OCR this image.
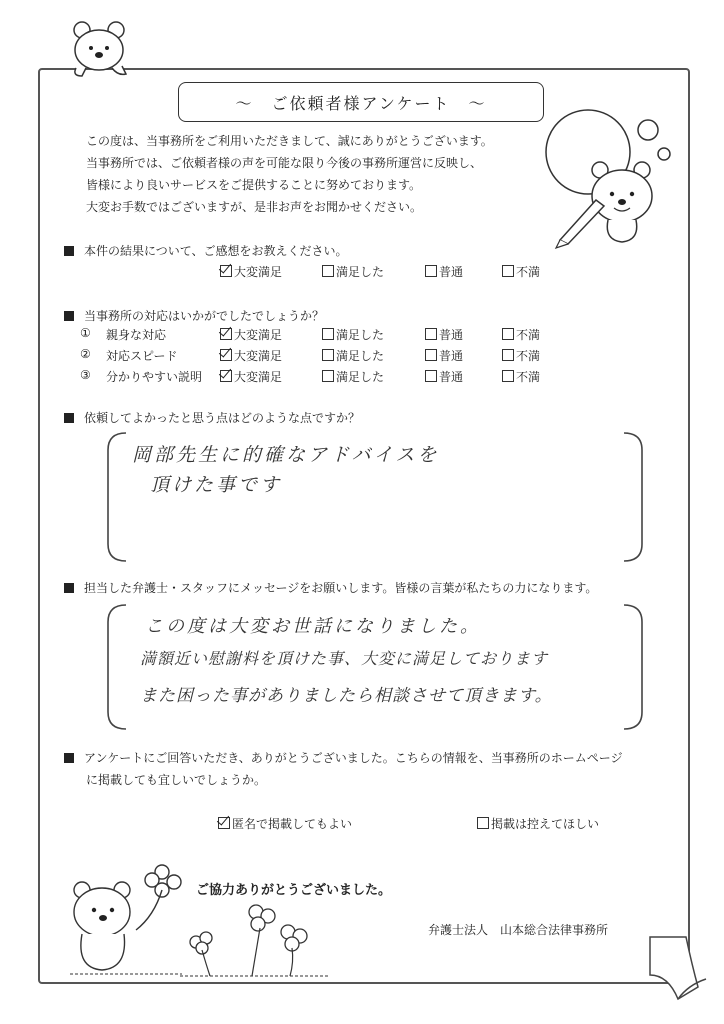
～　ご依頼者様アンケート　～
この度は、当事務所をご利用いただきまして、誠にありがとうございます。
当事務所では、ご依頼者様の声を可能な限り今後の事務所運営に反映し、
皆様により良いサービスをご提供することに努めております。
大変お手数ではございますが、是非お声をお聞かせください。
本件の結果について、ご感想をお教えください。
大変満足	満足した	普通	不満
当事務所の対応はいかがでしたでしょうか？
① 親身な対応	大変満足	満足した	普通	不満
② 対応スピード	大変満足	満足した	普通	不満
③ 分かりやすい説明	大変満足	満足した	普通	不満
依頼してよかったと思う点はどのような点ですか？
岡部先生に的確なアドバイスを
頂けた事です
担当した弁護士・スタッフにメッセージをお願いします。皆様の言葉が私たちの力になります。
この度は大変お世話になりました。
満額近い慰謝料を頂けた事、大変に満足しております
また困った事がありましたら相談させて頂きます。
アンケートにご回答いただき、ありがとうございました。こちらの情報を、当事務所のホームページ
に掲載しても宜しいでしょうか。
匿名で掲載してもよい	掲載は控えてほしい
ご協力ありがとうございました。
弁護士法人　山本総合法律事務所
